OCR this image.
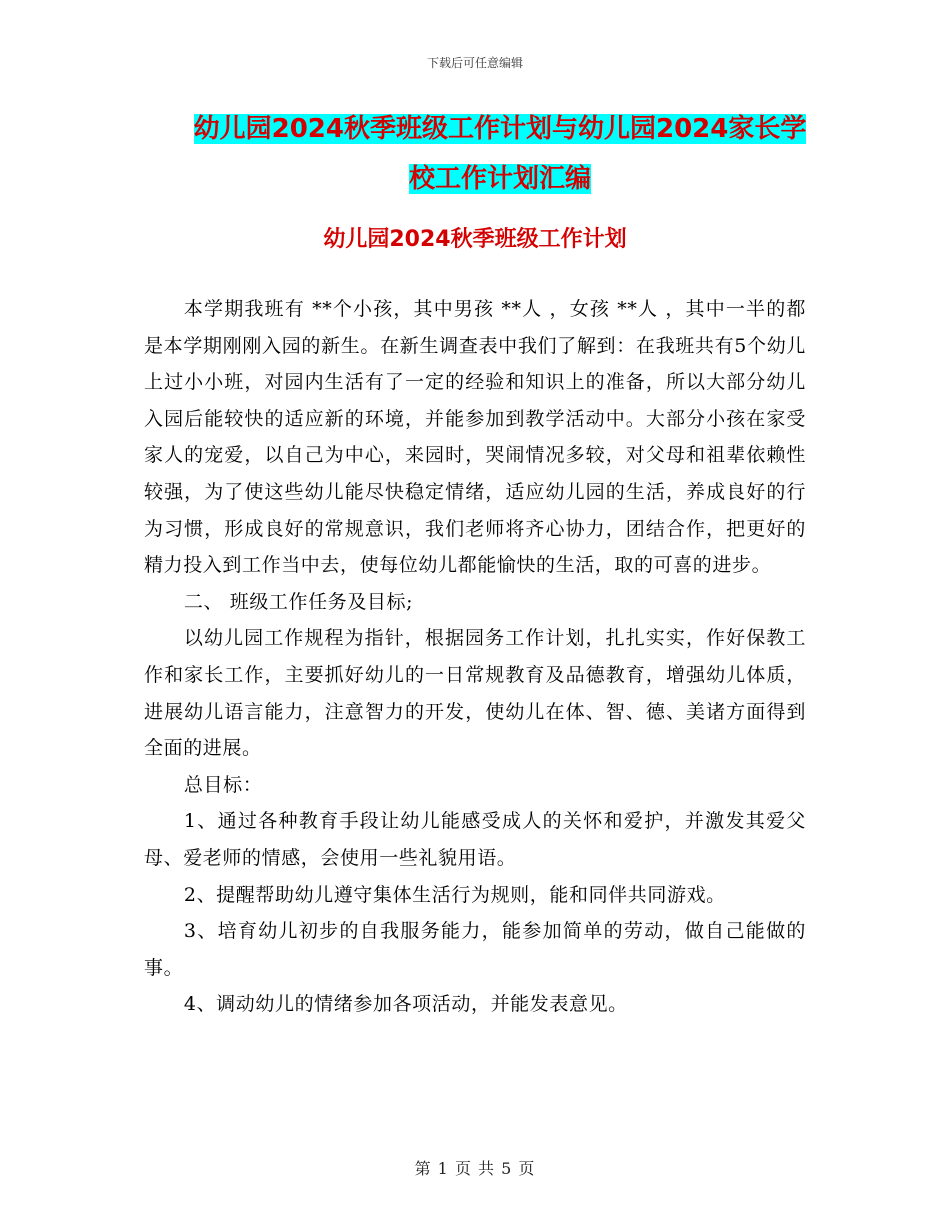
下载后可任意编辑
幼儿园2024秋季班级工作计划与幼儿园2024家长学
校工作计划汇编
幼儿园2024秋季班级工作计划

本学期我班有 **个小孩，其中男孩 **人 ，女孩 **人 ，其中一半的都是本学期刚刚入园的新生。在新生调查表中我们了解到：在我班共有5个幼儿上过小小班，对园内生活有了一定的经验和知识上的准备，所以大部分幼儿入园后能较快的适应新的环境，并能参加到教学活动中。大部分小孩在家受家人的宠爱，以自己为中心，来园时，哭闹情况多较，对父母和祖辈依赖性较强，为了使这些幼儿能尽快稳定情绪，适应幼儿园的生活，养成良好的行为习惯，形成良好的常规意识，我们老师将齐心协力，团结合作，把更好的精力投入到工作当中去，使每位幼儿都能愉快的生活，取的可喜的进步。

二、 班级工作任务及目标;

以幼儿园工作规程为指针，根据园务工作计划，扎扎实实，作好保教工作和家长工作，主要抓好幼儿的一日常规教育及品德教育，增强幼儿体质，进展幼儿语言能力，注意智力的开发，使幼儿在体、智、德、美诸方面得到全面的进展。

总目标：

1、通过各种教育手段让幼儿能感受成人的关怀和爱护，并激发其爱父母、爱老师的情感，会使用一些礼貌用语。

2、提醒帮助幼儿遵守集体生活行为规则，能和同伴共同游戏。

3、培育幼儿初步的自我服务能力，能参加简单的劳动，做自己能做的事。

4、调动幼儿的情绪参加各项活动，并能发表意见。

第 1 页 共 5 页
